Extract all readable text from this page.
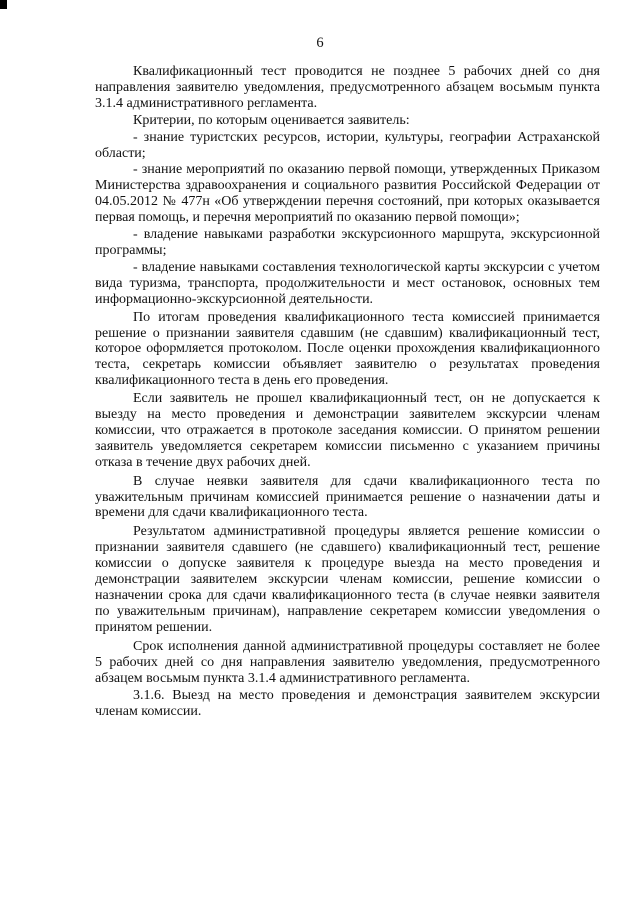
6

Квалификационный тест проводится не позднее 5 рабочих дней со дня направления заявителю уведомления, предусмотренного абзацем восьмым пункта 3.1.4 административного регламента.

Критерии, по которым оценивается заявитель:

- знание туристских ресурсов, истории, культуры, географии Астраханской области;

- знание мероприятий по оказанию первой помощи, утвержденных Приказом Министерства здравоохранения и социального развития Российской Федерации от 04.05.2012 № 477н «Об утверждении перечня состояний, при которых оказывается первая помощь, и перечня мероприятий по оказанию первой помощи»;

- владение навыками разработки экскурсионного маршрута, экскурсионной программы;

- владение навыками составления технологической карты экскурсии с учетом вида туризма, транспорта, продолжительности и мест остановок, основных тем информационно-экскурсионной деятельности.

По итогам проведения квалификационного теста комиссией принимается решение о признании заявителя сдавшим (не сдавшим) квалификационный тест, которое оформляется протоколом. После оценки прохождения квалификационного теста, секретарь комиссии объявляет заявителю о результатах проведения квалификационного теста в день его проведения.

Если заявитель не прошел квалификационный тест, он не допускается к выезду на место проведения и демонстрации заявителем экскурсии членам комиссии, что отражается в протоколе заседания комиссии. О принятом решении заявитель уведомляется секретарем комиссии письменно с указанием причины отказа в течение двух рабочих дней.

В случае неявки заявителя для сдачи квалификационного теста по уважительным причинам комиссией принимается решение о назначении даты и времени для сдачи квалификационного теста.

Результатом административной процедуры является решение комиссии о признании заявителя сдавшего (не сдавшего) квалификационный тест, решение комиссии о допуске заявителя к процедуре выезда на место проведения и демонстрации заявителем экскурсии членам комиссии, решение комиссии о назначении срока для сдачи квалификационного теста (в случае неявки заявителя по уважительным причинам), направление секретарем комиссии уведомления о принятом решении.

Срок исполнения данной административной процедуры составляет не более 5 рабочих дней со дня направления заявителю уведомления, предусмотренного абзацем восьмым пункта 3.1.4 административного регламента.

3.1.6. Выезд на место проведения и демонстрация заявителем экскурсии членам комиссии.
